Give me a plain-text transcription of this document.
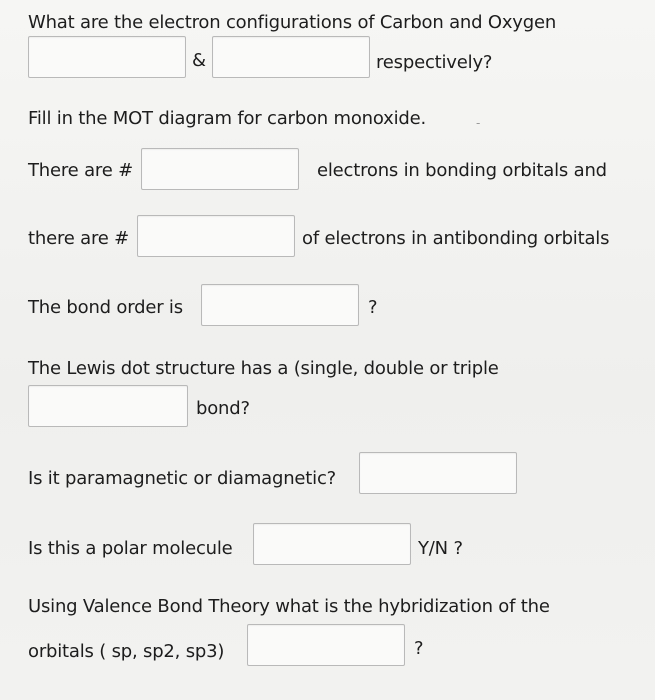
What are the electron configurations of Carbon and Oxygen
&	respectively?
Fill in the MOT diagram for carbon monoxide.	-
There are #	electrons in bonding orbitals and
there are #	of electrons in antibonding orbitals
The bond order is	?
The Lewis dot structure has a (single, double or triple
bond?
Is it paramagnetic or diamagnetic?
Is this a polar molecule	Y/N ?
Using Valence Bond Theory what is the hybridization of the
orbitals ( sp, sp2, sp3)	?
